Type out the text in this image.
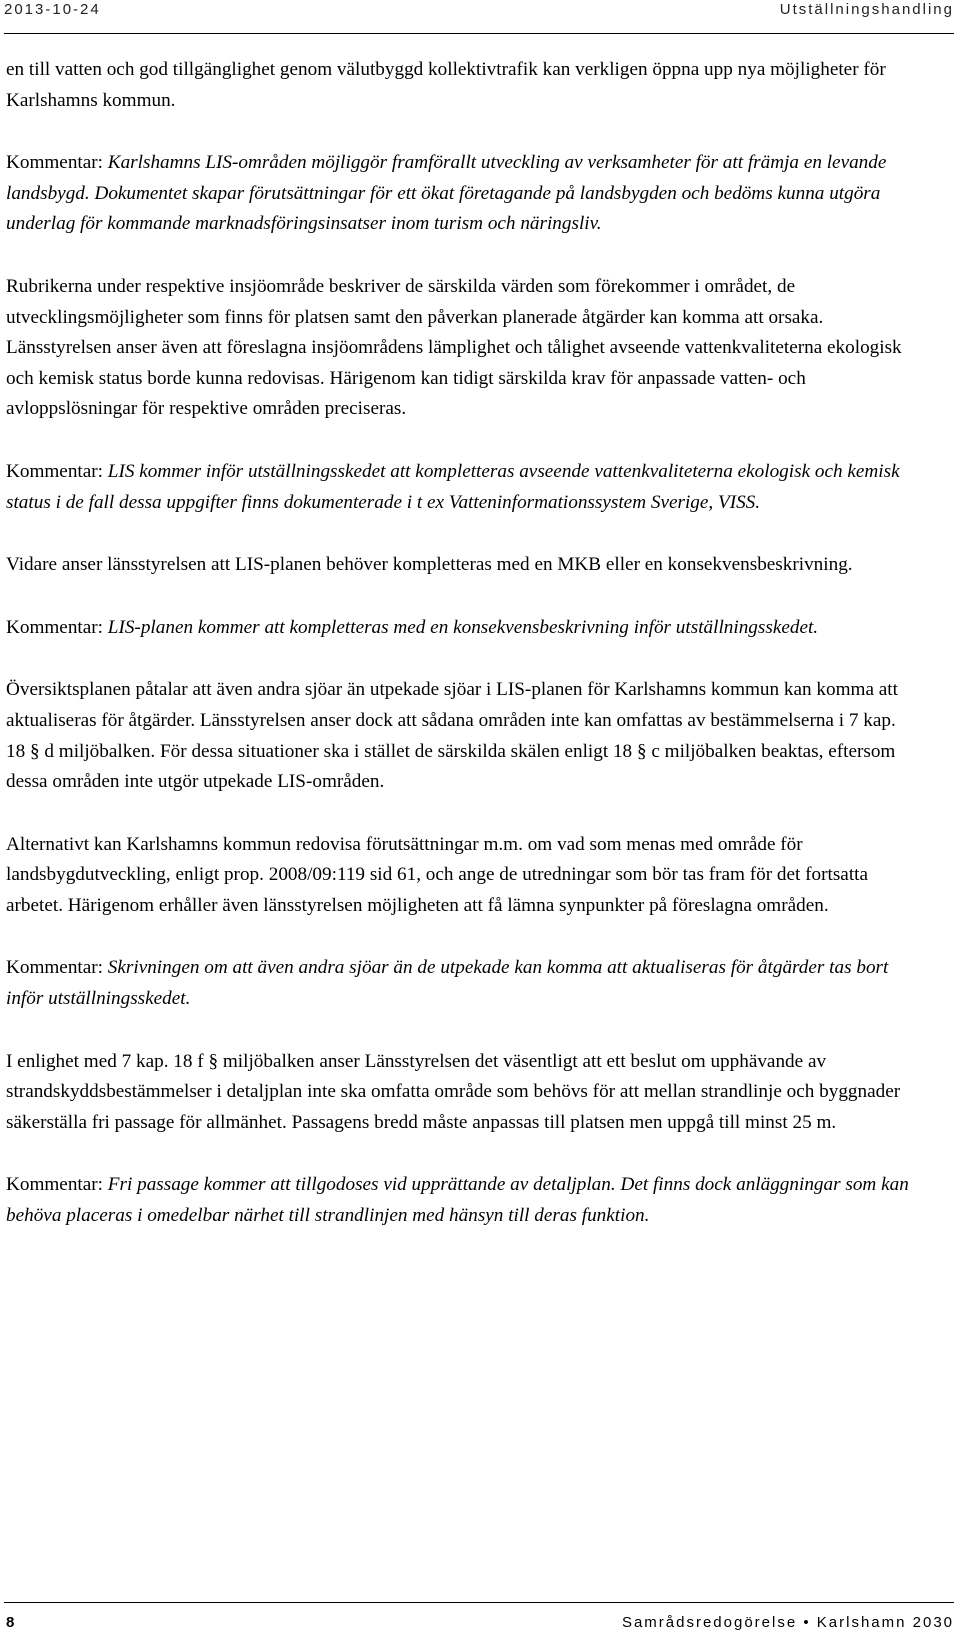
2013-10-24	Utställningshandling

en till vatten och god tillgänglighet genom välutbyggd kollektivtrafik kan verkligen öppna upp nya möjligheter för Karlshamns kommun.

Kommentar: Karlshamns LIS-områden möjliggör framförallt utveckling av verksamheter för att främja en levande landsbygd. Dokumentet skapar förutsättningar för ett ökat företagande på landsbygden och bedöms kunna utgöra underlag för kommande marknadsföringsinsatser inom turism och näringsliv.

Rubrikerna under respektive insjöområde beskriver de särskilda värden som förekommer i området, de utvecklingsmöjligheter som finns för platsen samt den påverkan planerade åtgärder kan komma att orsaka. Länsstyrelsen anser även att föreslagna insjöområdens lämplighet och tålighet avseende vattenkvaliteterna ekologisk och kemisk status borde kunna redovisas. Härigenom kan tidigt särskilda krav för anpassade vatten- och avloppslösningar för respektive områden preciseras.

Kommentar: LIS kommer inför utställningsskedet att kompletteras avseende vattenkvaliteterna ekologisk och kemisk status i de fall dessa uppgifter finns dokumenterade i t ex Vatteninformationssystem Sverige, VISS.

Vidare anser länsstyrelsen att LIS-planen behöver kompletteras med en MKB eller en konsekvensbeskrivning.

Kommentar: LIS-planen kommer att kompletteras med en konsekvensbeskrivning inför utställningsskedet.

Översiktsplanen påtalar att även andra sjöar än utpekade sjöar i LIS-planen för Karlshamns kommun kan komma att aktualiseras för åtgärder. Länsstyrelsen anser dock att sådana områden inte kan omfattas av bestämmelserna i 7 kap. 18 § d miljöbalken. För dessa situationer ska i stället de särskilda skälen enligt 18 § c miljöbalken beaktas, eftersom dessa områden inte utgör utpekade LIS-områden.

Alternativt kan Karlshamns kommun redovisa förutsättningar m.m. om vad som menas med område för landsbygdutveckling, enligt prop. 2008/09:119 sid 61, och ange de utredningar som bör tas fram för det fortsatta arbetet. Härigenom erhåller även länsstyrelsen möjligheten att få lämna synpunkter på föreslagna områden.

Kommentar: Skrivningen om att även andra sjöar än de utpekade kan komma att aktualiseras för åtgärder tas bort inför utställningsskedet.

I enlighet med 7 kap. 18 f § miljöbalken anser Länsstyrelsen det väsentligt att ett beslut om upphävande av strandskyddsbestämmelser i detaljplan inte ska omfatta område som behövs för att mellan strandlinje och byggnader säkerställa fri passage för allmänhet. Passagens bredd måste anpassas till platsen men uppgå till minst 25 m.

Kommentar: Fri passage kommer att tillgodoses vid upprättande av detaljplan. Det finns dock anläggningar som kan behöva placeras i omedelbar närhet till strandlinjen med hänsyn till deras funktion.

8	Samrådsredogörelse • Karlshamn 2030
